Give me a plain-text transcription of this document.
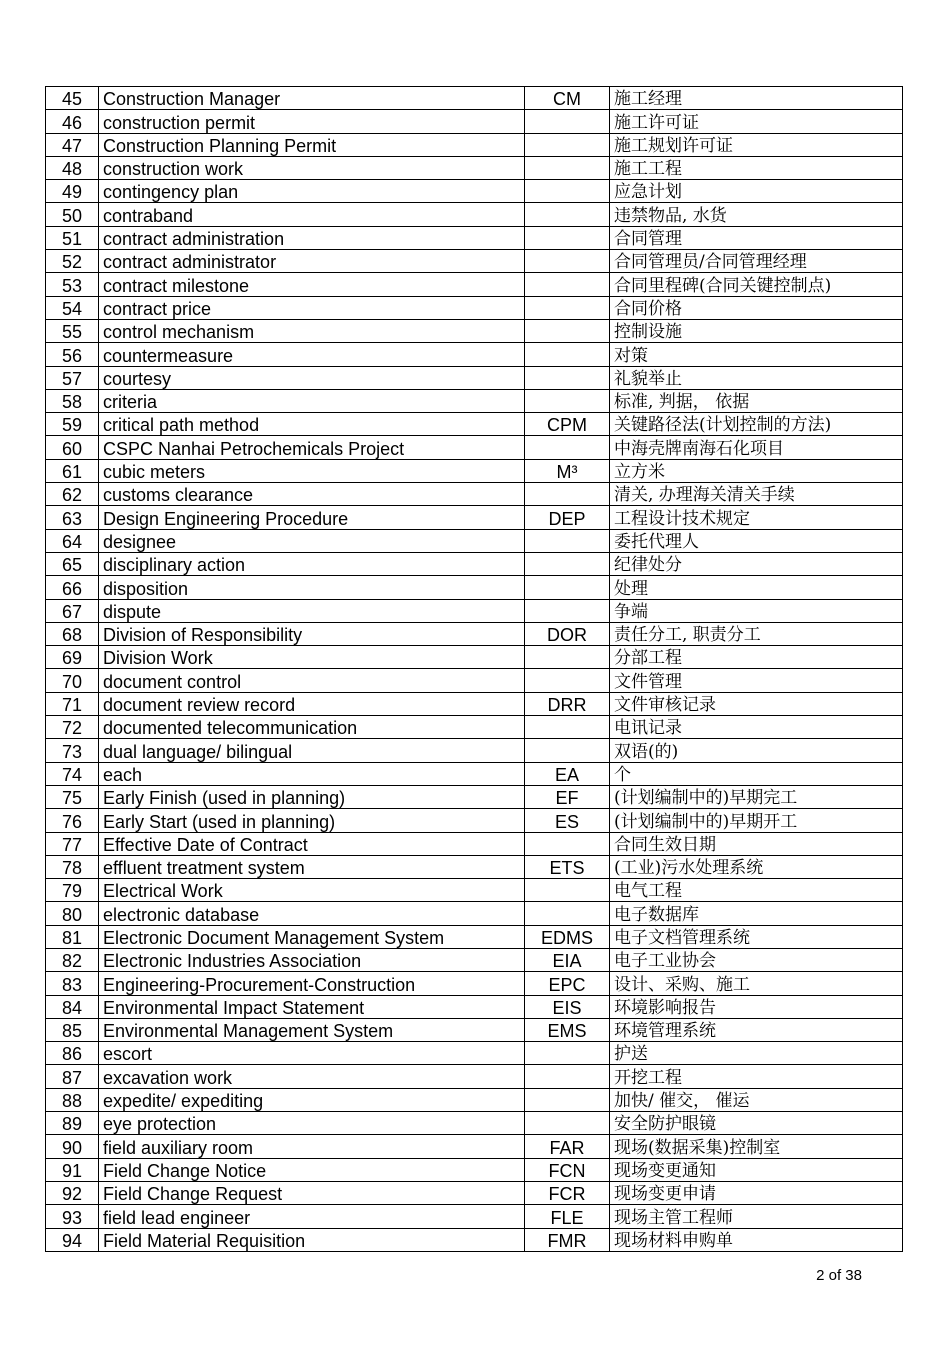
45	Construction Manager	CM	施工经理
46	construction permit		施工许可证
47	Construction Planning Permit		施工规划许可证
48	construction work		施工工程
49	contingency plan		应急计划
50	contraband		违禁物品, 水货
51	contract administration		合同管理
52	contract administrator		合同管理员/合同管理经理
53	contract milestone		合同里程碑(合同关键控制点)
54	contract price		合同价格
55	control mechanism		控制设施
56	countermeasure		对策
57	courtesy		礼貌举止
58	criteria		标准, 判据， 依据
59	critical path method	CPM	关键路径法(计划控制的方法)
60	CSPC Nanhai Petrochemicals Project		中海壳牌南海石化项目
61	cubic meters	M³	立方米
62	customs clearance		清关, 办理海关清关手续
63	Design Engineering Procedure	DEP	工程设计技术规定
64	designee		委托代理人
65	disciplinary action		纪律处分
66	disposition		处理
67	dispute		争端
68	Division of Responsibility	DOR	责任分工, 职责分工
69	Division Work		分部工程
70	document control		文件管理
71	document review record	DRR	文件审核记录
72	documented telecommunication		电讯记录
73	dual language/ bilingual		双语(的)
74	each	EA	个
75	Early Finish (used in planning)	EF	(计划编制中的)早期完工
76	Early Start (used in planning)	ES	(计划编制中的)早期开工
77	Effective Date of Contract		合同生效日期
78	effluent treatment system	ETS	(工业)污水处理系统
79	Electrical Work		电气工程
80	electronic database		电子数据库
81	Electronic Document Management System	EDMS	电子文档管理系统
82	Electronic Industries Association	EIA	电子工业协会
83	Engineering-Procurement-Construction	EPC	设计、采购、施工
84	Environmental Impact Statement	EIS	环境影响报告
85	Environmental Management System	EMS	环境管理系统
86	escort		护送
87	excavation work		开挖工程
88	expedite/ expediting		加快/ 催交， 催运
89	eye protection		安全防护眼镜
90	field auxiliary room	FAR	现场(数据采集)控制室
91	Field Change Notice	FCN	现场变更通知
92	Field Change Request	FCR	现场变更申请
93	field lead engineer	FLE	现场主管工程师
94	Field Material Requisition	FMR	现场材料申购单
2 of 38
